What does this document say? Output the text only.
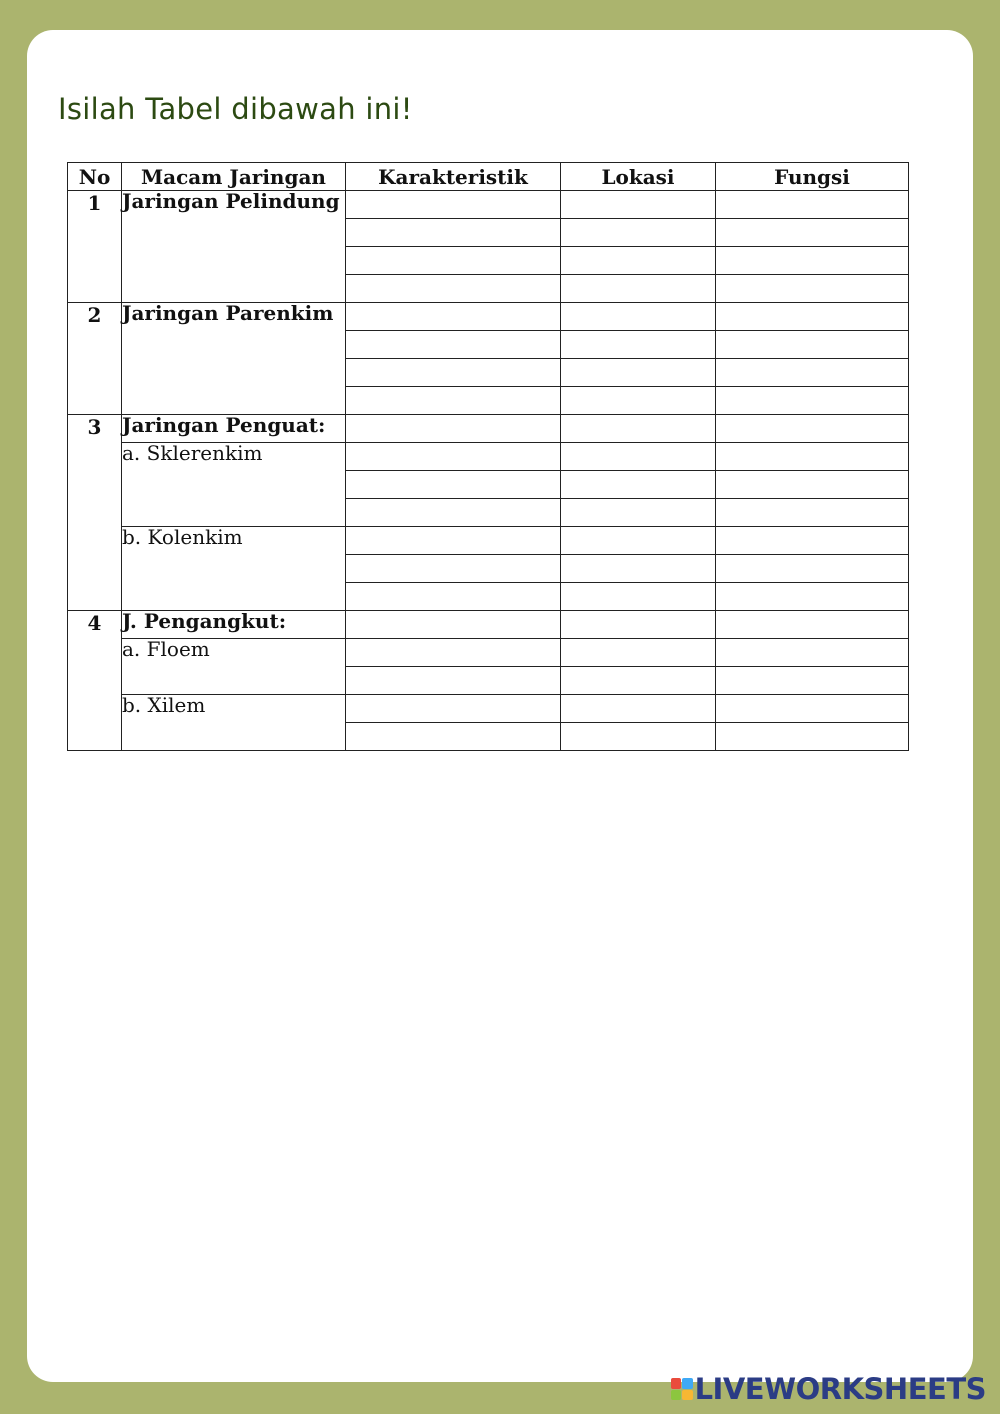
Isilah Tabel dibawah ini!
No	Macam Jaringan	Karakteristik	Lokasi	Fungsi
1	Jaringan Pelindung			

2	Jaringan Parenkim			

3	Jaringan Penguat:			

	a. Sklerenkim			

	b. Kolenkim			

4	J. Pengangkut:			

	a. Floem			

	b. Xilem			

LIVEWORKSHEETS
